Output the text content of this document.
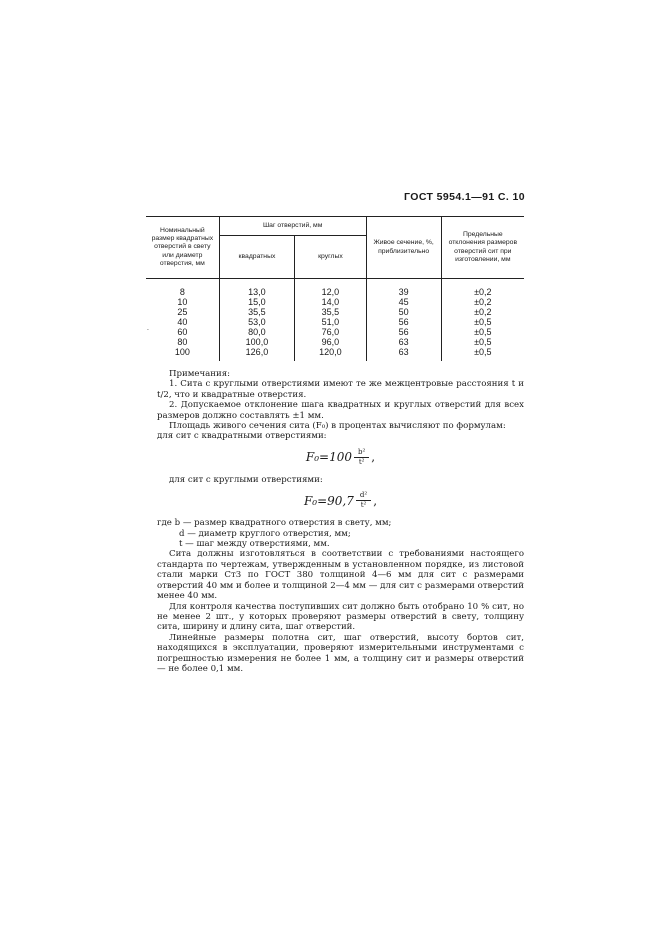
ГОСТ 5954.1—91 С. 10
·
Номинальный размер квадратных отверстий в свету или диаметр отверстия, мм	Шаг отверстий, мм		Живое сечение, %, приблизительно	Предельные отклонения размеров отверстий сит при изготовлении, мм
	квадратных	круглых		
8	13,0	12,0	39	±0,2
10	15,0	14,0	45	±0,2
25	35,5	35,5	50	±0,2
40	53,0	51,0	56	±0,5
60	80,0	76,0	56	±0,5
80	100,0	96,0	63	±0,5
100	126,0	120,0	63	±0,5

Примечания:

1. Сита с круглыми отверстиями имеют те же межцентровые расстояния t и t/2, что и квадратные отверстия.

2. Допускаемое отклонение шага квадратных и круглых отверстий для всех размеров должно составлять ±1 мм.

Площадь живого сечения сита (F₀) в процентах вычисляют по формулам:

для сит с квадратными отверстиями:

$F_0=100 \frac{\text{b²}}{\text{t²}}$ ,

для сит с круглыми отверстиями:

$F_0=90,7 \frac{\text{d²}}{\text{t²}}$ ,

где b — размер квадратного отверстия в свету, мм;

d — диаметр круглого отверстия, мм;

t — шаг между отверстиями, мм.

Сита должны изготовляться в соответствии с требованиями настоящего стандарта по чертежам, утвержденным в установленном порядке, из листовой стали марки Ст3 по ГОСТ 380 толщиной 4—6 мм для сит с размерами отверстий 40 мм и более и толщиной 2—4 мм — для сит с размерами отверстий менее 40 мм.

Для контроля качества поступивших сит должно быть отобрано 10 % сит, но не менее 2 шт., у которых проверяют размеры отверстий в свету, толщину сита, ширину и длину сита, шаг отверстий.

Линейные размеры полотна сит, шаг отверстий, высоту бортов сит, находящихся в эксплуатации, проверяют измерительными инструментами с погрешностью измерения не более 1 мм, а толщину сит и размеры отверстий — не более 0,1 мм.
